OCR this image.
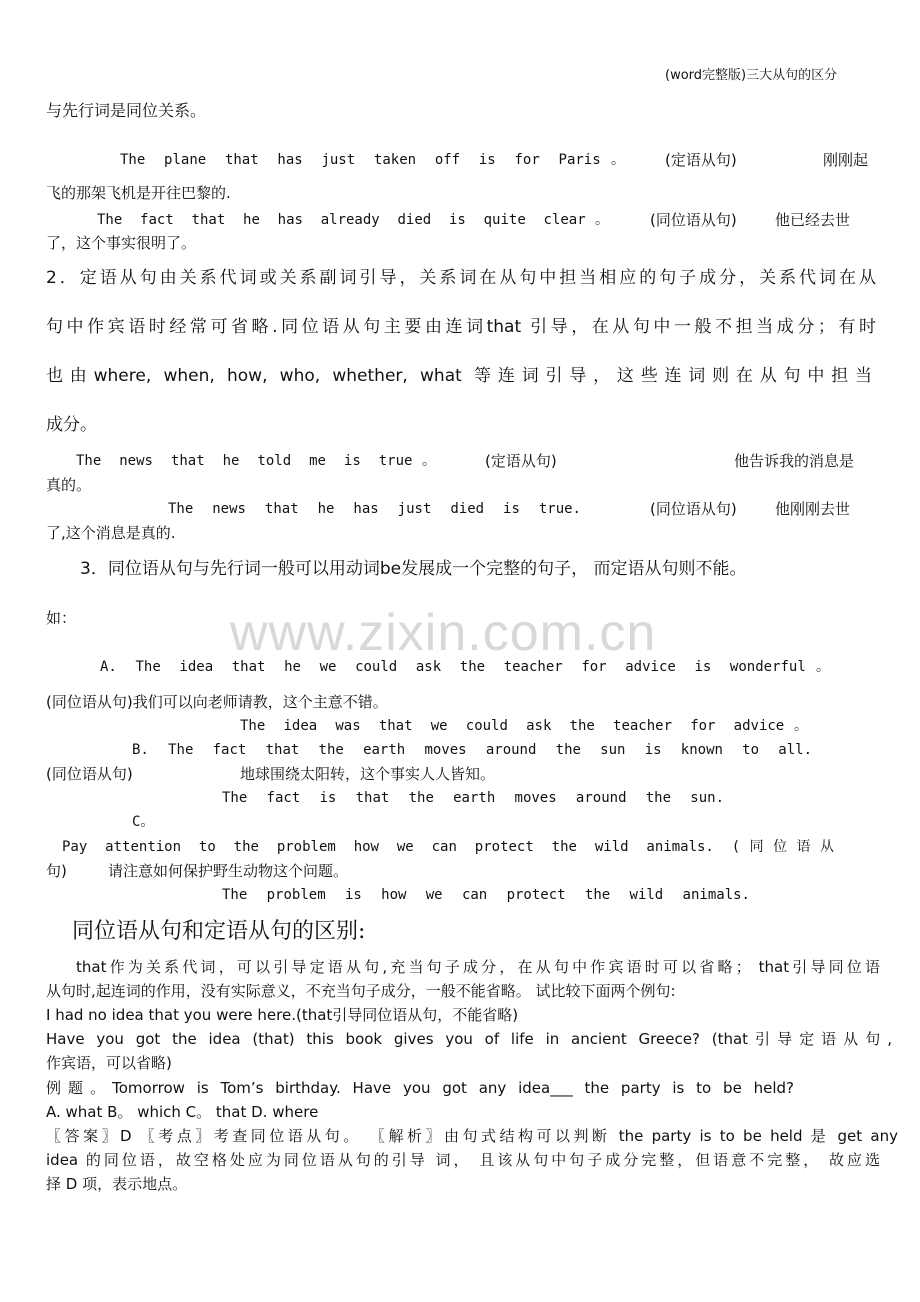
(word完整版)三大从句的区分
www.zixin.com.cn
与先行词是同位关系。
The plane that has just taken off is for Paris。	(定语从句)	刚刚起
飞的那架飞机是开往巴黎的.
The fact that he has already died is quite clear。	(同位语从句)	他已经去世
了，这个事实很明了。
2．定语从句由关系代词或关系副词引导，关系词在从句中担当相应的句子成分，关系代词在从
句中作宾语时经常可省略.同位语从句主要由连词that 引导，在从句中一般不担当成分；有时
也由where, when, how, who, whether, what 等连词引导，这些连词则在从句中担当
成分。
The news that he told me is true。	(定语从句)	他告诉我的消息是
真的。
The news that he has just died is true.	(同位语从句)	他刚刚去世
了,这个消息是真的.
3．同位语从句与先行词一般可以用动词be发展成一个完整的句子， 而定语从句则不能。
如：
A. The idea that he we could ask the teacher for advice is wonderful。
(同位语从句)我们可以向老师请教，这个主意不错。
The idea was that we could ask the teacher for advice。
B. The fact that the earth moves around the sun is known to all.
(同位语从句)	地球围绕太阳转，这个事实人人皆知。
The fact is that the earth moves around the sun.
C。
Pay attention to the problem how we can protect the wild animals. (同位语从
句)	请注意如何保护野生动物这个问题。
The problem is how we can protect the wild animals.
同位语从句和定语从句的区别:
that作为关系代词，可以引导定语从句,充当句子成分，在从句中作宾语时可以省略； that引导同位语
从句时,起连词的作用，没有实际意义，不充当句子成分，一般不能省略。 试比较下面两个例句:
I had no idea that you were here.(that引导同位语从句，不能省略)
Have you got the idea (that) this book gives you of life in ancient Greece? (that引导定语从句,
作宾语，可以省略)
例题。Tomorrow is Tom’s birthday. Have you got any idea___ the party is to be held?
A. what B。 which C。 that D. where
〖答案〗D 〖考点〗考查同位语从句。 〖解析〗由句式结构可以判断 the party is to be held 是 get any
idea 的同位语，故空格处应为同位语从句的引导 词， 且该从句中句子成分完整，但语意不完整， 故应选
择 D 项，表示地点。
